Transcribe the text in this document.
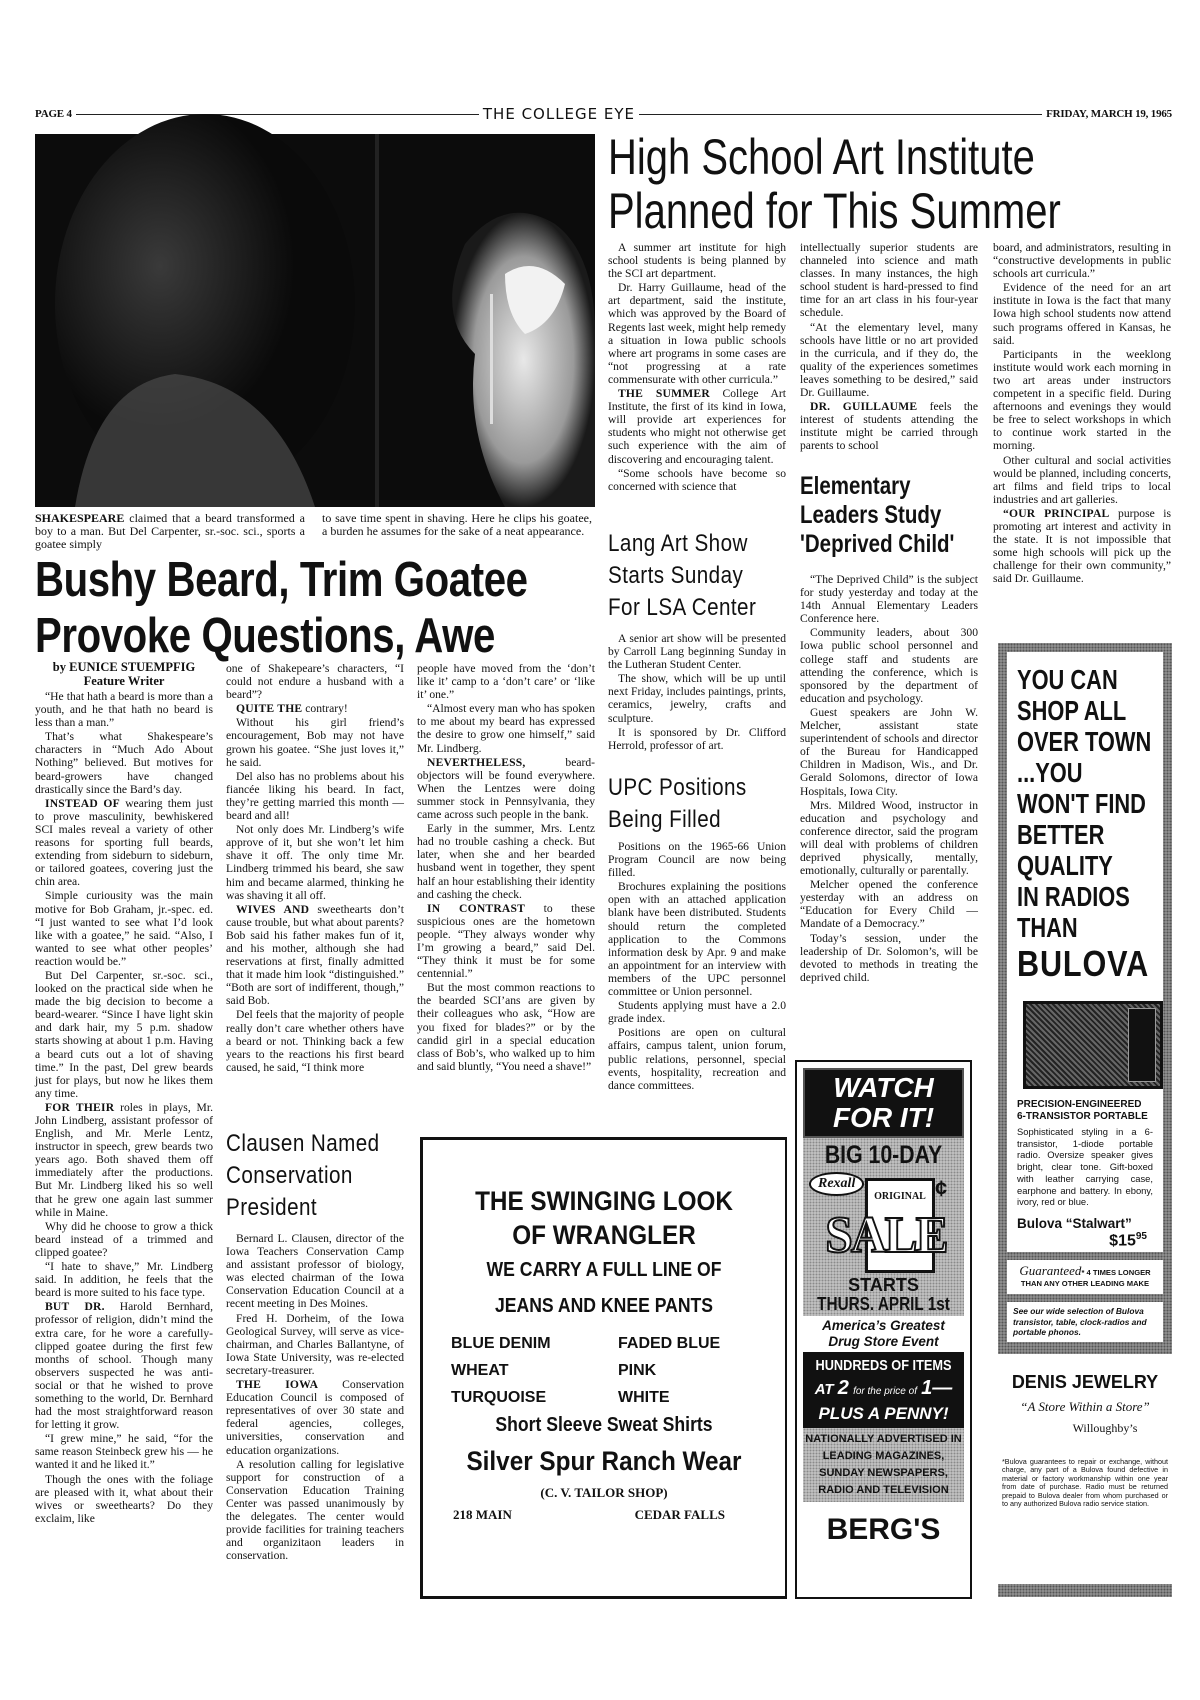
PAGE 4	THE COLLEGE EYE	FRIDAY, MARCH 19, 1965
SHAKESPEARE claimed that a beard transformed a boy to a man. But Del Carpenter, sr.-soc. sci., sports a goatee simply
to save time spent in shaving. Here he clips his goatee, a burden he assumes for the sake of a neat appearance.
Bushy Beard, Trim Goatee
Provoke Questions, Awe
by EUNICE STUEMPFIG
Feature Writer

“He that hath a beard is more than a youth, and he that hath no beard is less than a man.”

That’s what Shakespeare’s characters in “Much Ado About Nothing” believed. But motives for beard-growers have changed drastically since the Bard’s day.

INSTEAD OF wearing them just to prove masculinity, bewhiskered SCI males reveal a variety of other reasons for sporting full beards, extending from sideburn to sideburn, or tailored goatees, covering just the chin area.

Simple curiousity was the main motive for Bob Graham, jr.-spec. ed. “I just wanted to see what I’d look like with a goatee,” he said. “Also, I wanted to see what other peoples’ reaction would be.”

But Del Carpenter, sr.-soc. sci., looked on the practical side when he made the big decision to become a beard-wearer. “Since I have light skin and dark hair, my 5 p.m. shadow starts showing at about 1 p.m. Having a beard cuts out a lot of shaving time.” In the past, Del grew beards just for plays, but now he likes them any time.

FOR THEIR roles in plays, Mr. John Lindberg, assistant professor of English, and Mr. Merle Lentz, instructor in speech, grew beards two years ago. Both shaved them off immediately after the productions. But Mr. Lindberg liked his so well that he grew one again last summer while in Maine.

Why did he choose to grow a thick beard instead of a trimmed and clipped goatee?

“I hate to shave,” Mr. Lindberg said. In addition, he feels that the beard is more suited to his face type.

BUT DR. Harold Bernhard, professor of religion, didn’t mind the extra care, for he wore a carefully-clipped goatee during the first few months of school. Though many observers suspected he was anti-social or that he wished to prove something to the world, Dr. Bernhard had the most straightforward reason for letting it grow.

“I grew mine,” he said, “for the same reason Steinbeck grew his — he wanted it and he liked it.”

Though the ones with the foliage are pleased with it, what about their wives or sweethearts? Do they exclaim, like

one of Shakepeare’s characters, “I could not endure a husband with a beard”?

QUITE THE contrary!

Without his girl friend’s encouragement, Bob may not have grown his goatee. “She just loves it,” he said.

Del also has no problems about his fiancée liking his beard. In fact, they’re getting married this month — beard and all!

Not only does Mr. Lindberg’s wife approve of it, but she won’t let him shave it off. The only time Mr. Lindberg trimmed his beard, she saw him and became alarmed, thinking he was shaving it all off.

WIVES AND sweethearts don’t cause trouble, but what about parents? Bob said his father makes fun of it, and his mother, although she had reservations at first, finally admitted that it made him look “distinguished.” “Both are sort of indifferent, though,” said Bob.

Del feels that the majority of people really don’t care whether others have a beard or not. Thinking back a few years to the reactions his first beard caused, he said, “I think more

people have moved from the ‘don’t like it’ camp to a ‘don’t care’ or ‘like it’ one.”

“Almost every man who has spoken to me about my beard has expressed the desire to grow one himself,” said Mr. Lindberg.

NEVERTHELESS,	beard-objectors will be found everywhere. When the Lentzes were doing summer stock in Pennsylvania, they came across such people in the bank.

Early in the summer, Mrs. Lentz had no trouble cashing a check. But later, when she and her bearded husband went in together, they spent half an hour establishing their identity and cashing the check.

IN CONTRAST to these suspicious ones are the hometown people. “They always wonder why I’m growing a beard,” said Del. “They think it must be for some centennial.”

But the most common reactions to the bearded SCI’ans are given by their colleagues who ask, “How are you fixed for blades?” or by the candid girl in a special education class of Bob’s, who walked up to him and said bluntly, “You need a shave!”

Clausen Named
Conservation
President

Bernard L. Clausen, director of the Iowa Teachers Conservation Camp and assistant professor of biology, was elected chairman of the Iowa Conservation Education Council at a recent meeting in Des Moines.

Fred H. Dorheim, of the Iowa Geological Survey, will serve as vice-chairman, and Charles Ballantyne, of Iowa State University, was re-elected secretary-treasurer.

THE IOWA Conservation Education Council is composed of representatives of over 30 state and federal agencies, colleges, universities, conservation and education organizations.

A resolution calling for legislative support for construction of a Conservation Education Training Center was passed unanimously by the delegates. The center would provide facilities for training teachers and organizitaon leaders in conservation.

High School Art Institute
Planned for This Summer

A summer art institute for high school students is being planned by the SCI art department.

Dr. Harry Guillaume, head of the art department, said the institute, which was approved by the Board of Regents last week, might help remedy a situation in Iowa public schools where art programs in some cases are “not progressing at a rate commensurate with other curricula.”

THE SUMMER College Art Institute, the first of its kind in Iowa, will provide art experiences for students who might not otherwise get such experience with the aim of discovering and encouraging talent.

“Some schools have become so concerned with science that

intellectually superior students are channeled into science and math classes. In many instances, the high school student is hard-pressed to find time for an art class in his four-year schedule.

“At the elementary level, many schools have little or no art provided in the curricula, and if they do, the quality of the experiences sometimes leaves something to be desired,” said Dr. Guillaume.

DR. GUILLAUME feels the interest of students attending the institute might be carried through parents to school

board, and administrators, resulting in “constructive developments in public schools art curricula.”

Evidence of the need for an art institute in Iowa is the fact that many Iowa high school students now attend such programs offered in Kansas, he said.

Participants in the weeklong institute would work each morning in two art areas under instructors competent in a specific field. During afternoons and evenings they would be free to select workshops in which to continue work started in the morning.

Other cultural and social activities would be planned, including concerts, art films and field trips to local industries and art galleries.

“OUR PRINCIPAL purpose is promoting art interest and activity in the state. It is not impossible that some high schools will pick up the challenge for their own community,” said Dr. Guillaume.

Lang Art Show
Starts Sunday
For LSA Center

A senior art show will be presented by Carroll Lang beginning Sunday in the Lutheran Student Center.

The show, which will be up until next Friday, includes paintings, prints, ceramics, jewelry, crafts and sculpture.

It is sponsored by Dr. Clifford Herrold, professor of art.

UPC Positions
Being Filled

Positions on the 1965-66 Union Program Council are now being filled.

Brochures explaining the positions open with an attached application blank have been distributed. Students should return the completed application to the Commons information desk by Apr. 9 and make an appointment for an interview with members of the UPC personnel committee or Union personnel.

Students applying must have a 2.0 grade index.

Positions are open on cultural affairs, campus talent, union forum, public relations, personnel, special events, hospitality, recreation and dance committees.

Elementary
Leaders Study
'Deprived Child'

“The Deprived Child” is the subject for study yesterday and today at the 14th Annual Elementary Leaders Conference here.

Community leaders, about 300 Iowa public school personnel and college staff and students are attending the conference, which is sponsored by the department of education and psychology.

Guest speakers are John W. Melcher, assistant state superintendent of schools and director of the Bureau for Handicapped Children in Madison, Wis., and Dr. Gerald Solomons, director of Iowa Hospitals, Iowa City.

Mrs. Mildred Wood, instructor in education and psychology and conference director, said the program will deal with problems of children deprived physically, mentally, emotionally, culturally or parentally.

Melcher opened the conference yesterday with an address on “Education for Every Child — Mandate of a Democracy.”

Today’s session, under the leadership of Dr. Solomon’s, will be devoted to methods in treating the deprived child.

THE SWINGING LOOK
OF WRANGLER
WE CARRY A FULL LINE OF
JEANS AND KNEE PANTS
BLUE DENIM	FADED BLUE
WHEAT	PINK
TURQUOISE	WHITE
Short Sleeve Sweat Shirts
Silver Spur Ranch Wear
(C. V. TAILOR SHOP)
218 MAIN	CEDAR FALLS
WATCH
FOR IT!
BIG 10-DAY
Rexall
ORIGINAL ¢
SALE
STARTS
THURS. APRIL 1st
America’s Greatest
Drug Store Event
HUNDREDS OF ITEMS
AT 2 for the price of 1—
PLUS A PENNY!
NATIONALLY ADVERTISED IN
LEADING MAGAZINES,
SUNDAY NEWSPAPERS,
RADIO AND TELEVISION
BERG'S
YOU CAN
SHOP ALL
OVER TOWN
...YOU
WON'T FIND
BETTER
QUALITY
IN RADIOS
THAN
BULOVA
PRECISION-ENGINEERED
6-TRANSISTOR PORTABLE
Sophisticated styling in a 6-transistor, 1-diode portable radio. Oversize speaker gives bright, clear tone. Gift-boxed with leather carrying case, earphone and battery. In ebony, ivory, red or blue.
Bulova “Stalwart”
$\$15^{95}$
Guaranteed* 4 TIMES LONGER
THAN ANY OTHER LEADING MAKE
See our wide selection of Bulova transistor, table, clock-radios and portable phonos.
DENIS JEWELRY
“A Store Within a Store”
Willoughby’s
*Bulova guarantees to repair or exchange, without charge, any part of a Bulova found defective in material or factory workmanship within one year from date of purchase. Radio must be returned prepaid to Bulova dealer from whom purchased or to any authorized Bulova radio service station.
